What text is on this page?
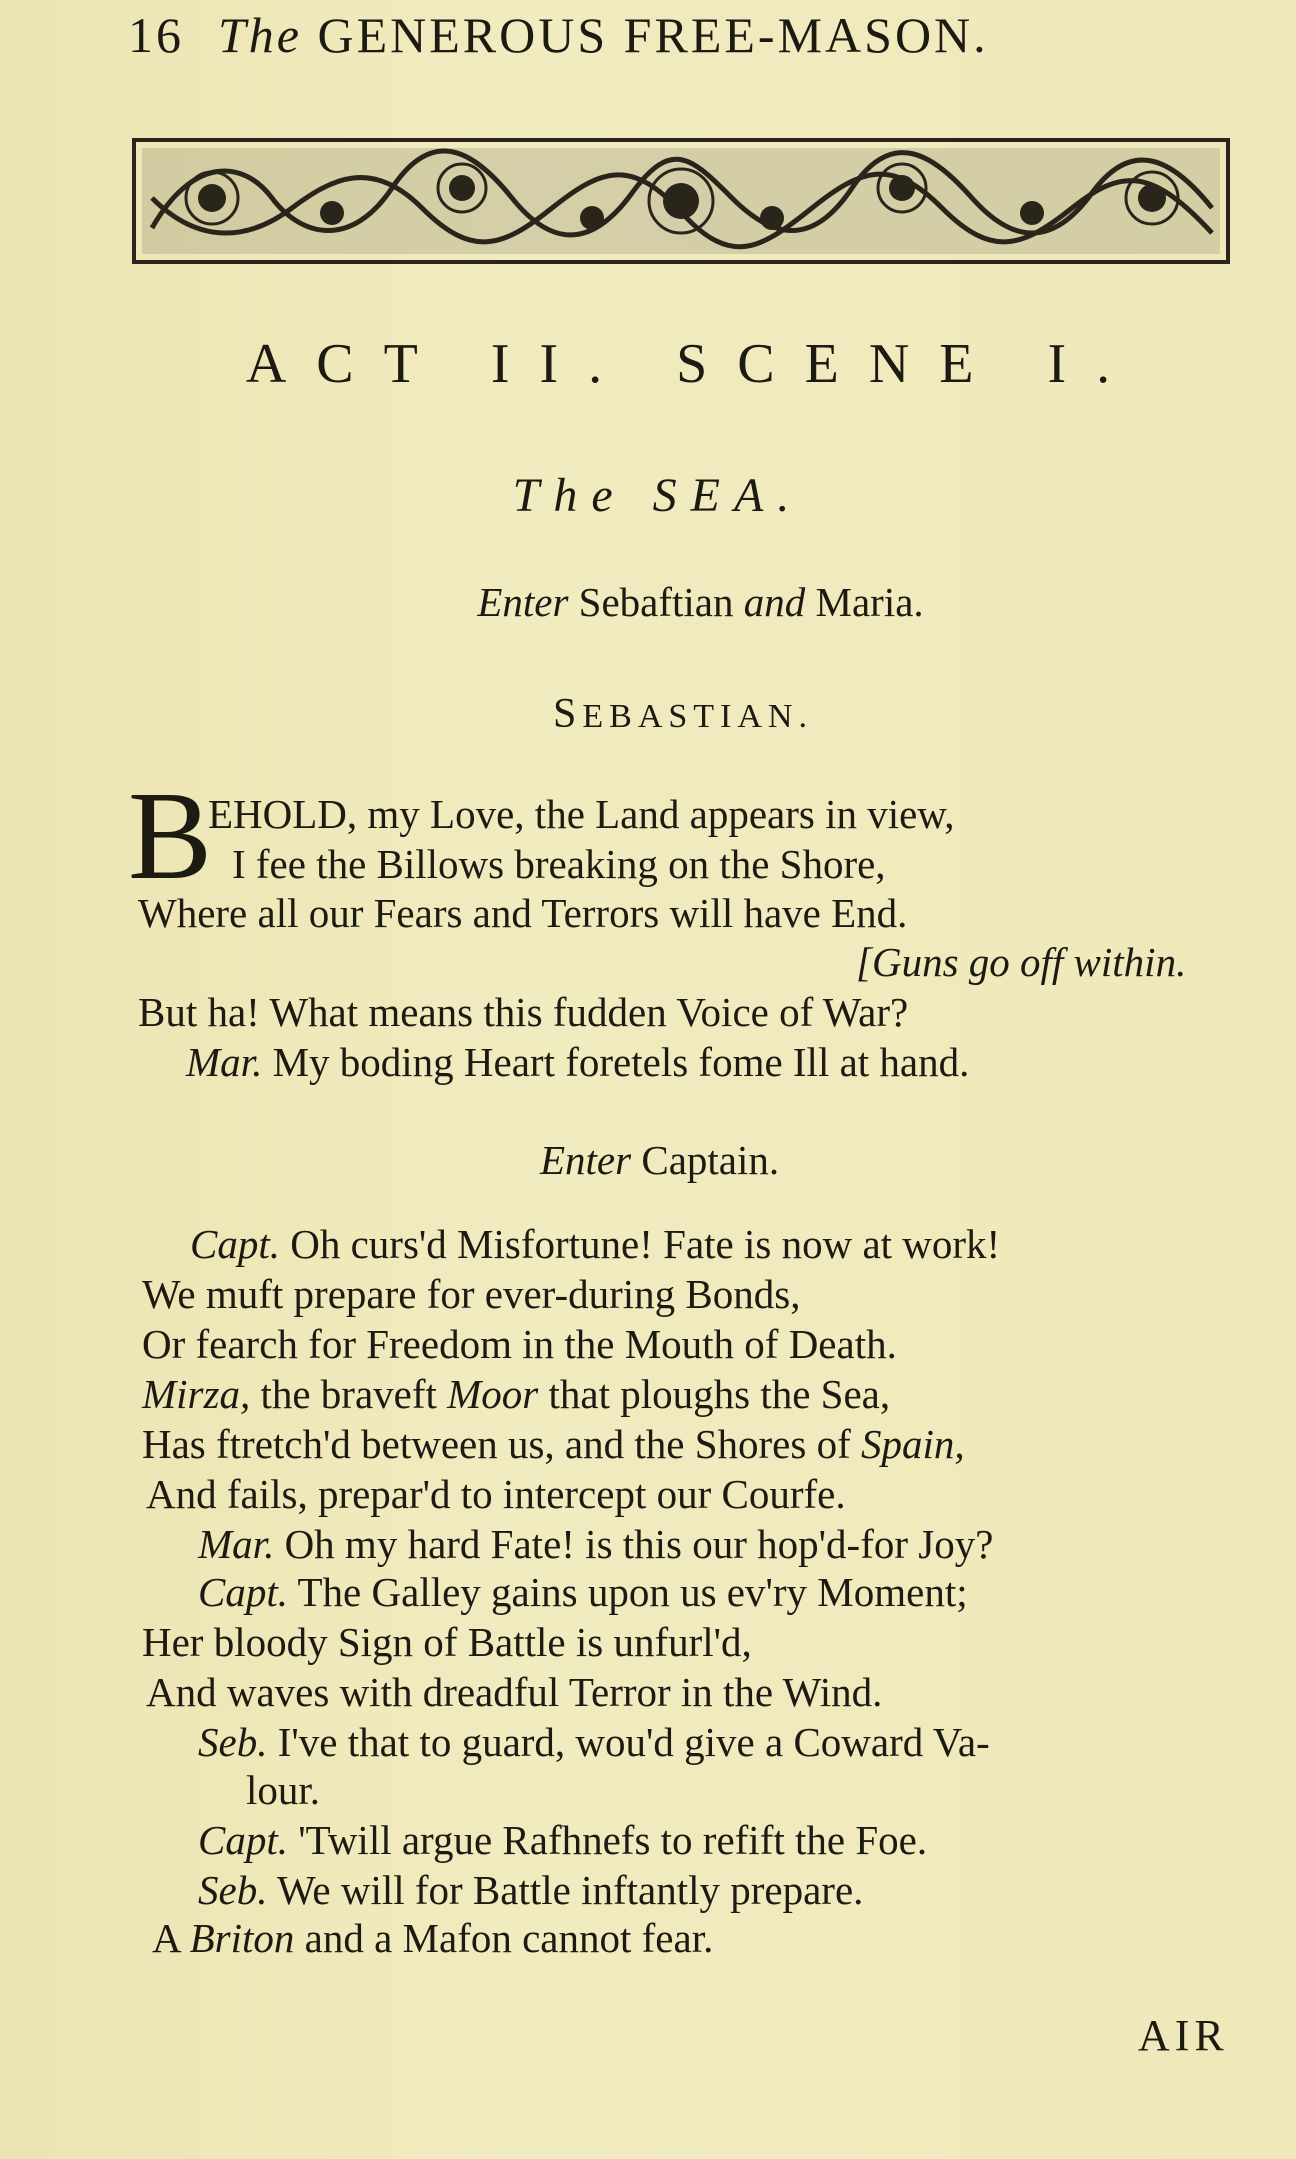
16 The GENEROUS FREE-MASON.
ACT II. SCENE I.
The SEA.
Enter Sebaftian and Maria.
SEBASTIAN.
B
EHOLD, my Love, the Land appears in view,
I fee the Billows breaking on the Shore,
Where all our Fears and Terrors will have End.
[Guns go off within.
But ha! What means this fudden Voice of War?
Mar. My boding Heart foretels fome Ill at hand.
Enter Captain.
Capt. Oh curs'd Misfortune! Fate is now at work!
We muft prepare for ever-during Bonds,
Or fearch for Freedom in the Mouth of Death.
Mirza, the braveft Moor that ploughs the Sea,
Has ftretch'd between us, and the Shores of Spain,
And fails, prepar'd to intercept our Courfe.
Mar. Oh my hard Fate! is this our hop'd-for Joy?
Capt. The Galley gains upon us ev'ry Moment;
Her bloody Sign of Battle is unfurl'd,
And waves with dreadful Terror in the Wind.
Seb. I've that to guard, wou'd give a Coward Va-
lour.
Capt. 'Twill argue Rafhnefs to refift the Foe.
Seb. We will for Battle inftantly prepare.
A Briton and a Mafon cannot fear.
AIR
